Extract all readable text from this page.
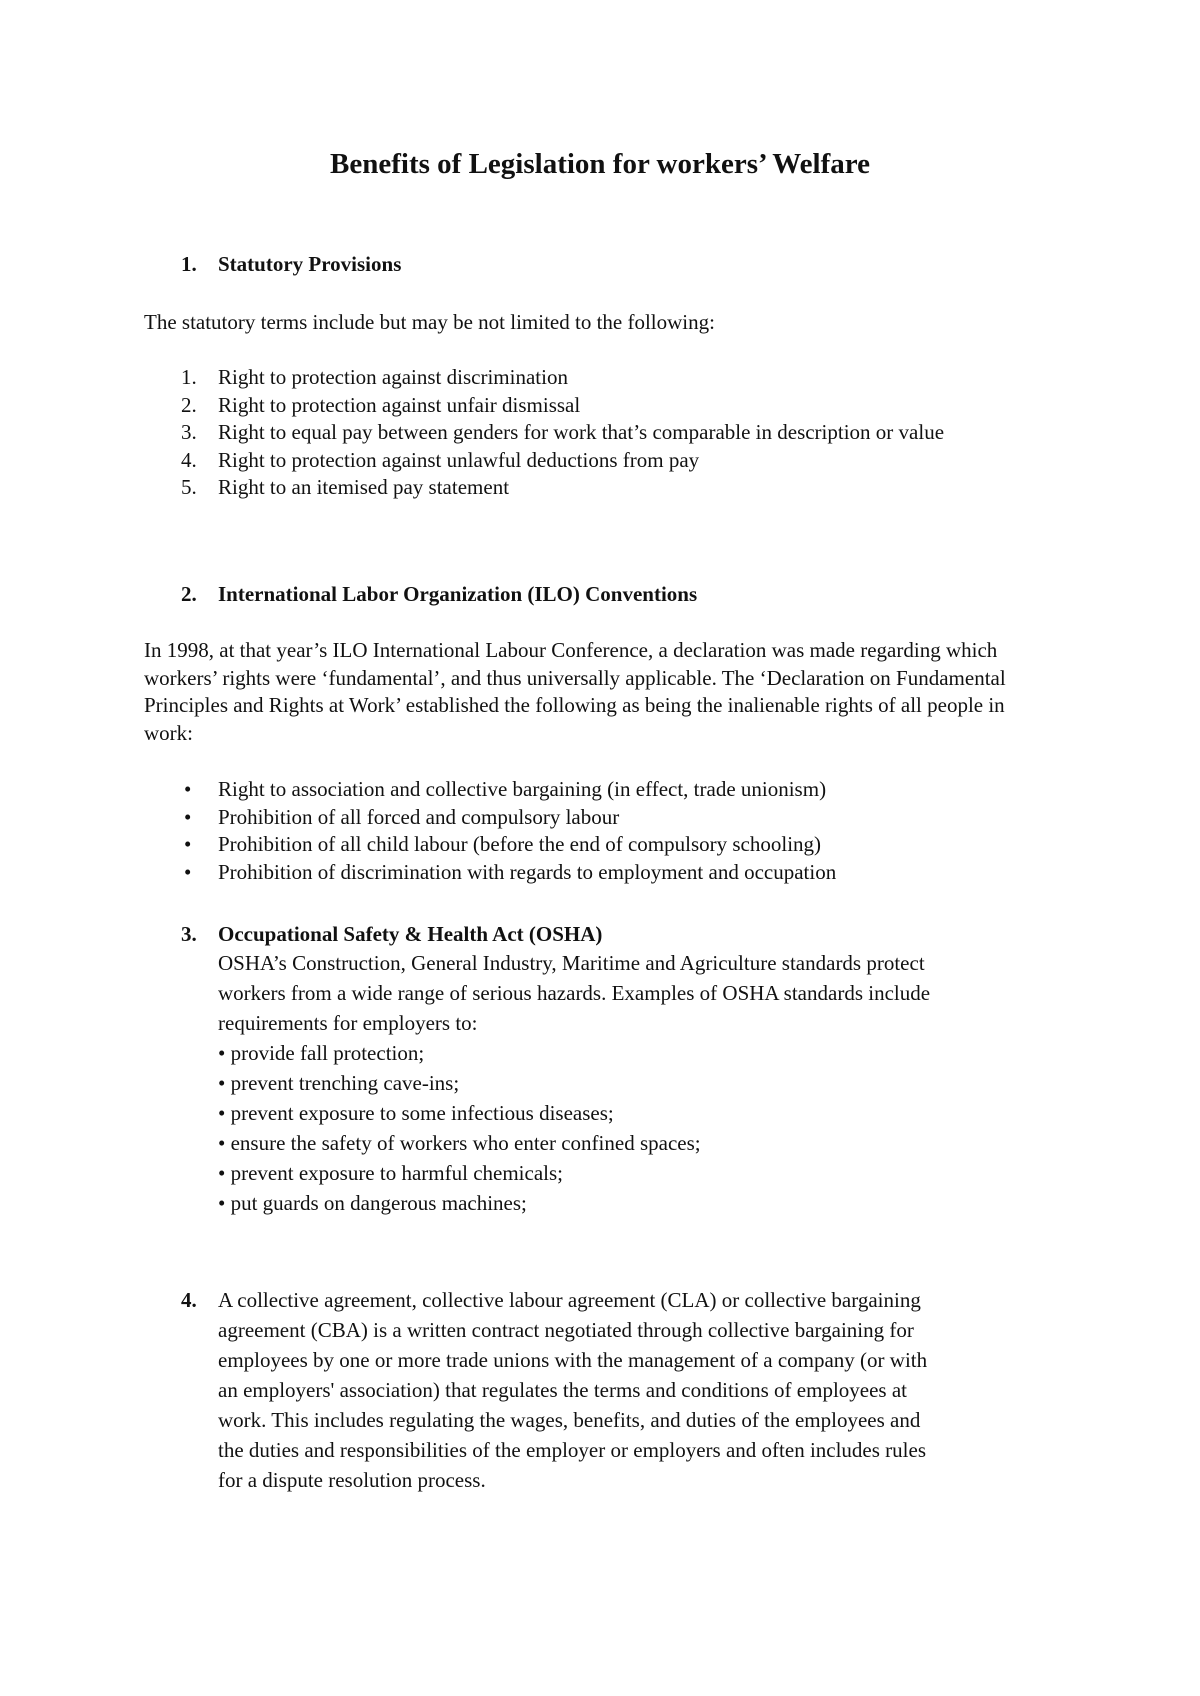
Benefits of Legislation for workers’ Welfare
1. Statutory Provisions

The statutory terms include but may be not limited to the following:

1. Right to protection against discrimination
2. Right to protection against unfair dismissal
3. Right to equal pay between genders for work that’s comparable in description or value
4. Right to protection against unlawful deductions from pay
5. Right to an itemised pay statement
2. International Labor Organization (ILO) Conventions

In 1998, at that year’s ILO International Labour Conference, a declaration was made regarding which workers’ rights were ‘fundamental’, and thus universally applicable. The ‘Declaration on Fundamental Principles and Rights at Work’ established the following as being the inalienable rights of all people in work:

• Right to association and collective bargaining (in effect, trade unionism)
• Prohibition of all forced and compulsory labour
• Prohibition of all child labour (before the end of compulsory schooling)
• Prohibition of discrimination with regards to employment and occupation
3. Occupational Safety & Health Act (OSHA)
OSHA’s Construction, General Industry, Maritime and Agriculture standards protect
workers from a wide range of serious hazards. Examples of OSHA standards include
requirements for employers to:
• provide fall protection;
• prevent trenching cave-ins;
• prevent exposure to some infectious diseases;
• ensure the safety of workers who enter confined spaces;
• prevent exposure to harmful chemicals;
• put guards on dangerous machines;
4. A collective agreement, collective labour agreement (CLA) or collective bargaining
agreement (CBA) is a written contract negotiated through collective bargaining for
employees by one or more trade unions with the management of a company (or with
an employers' association) that regulates the terms and conditions of employees at
work. This includes regulating the wages, benefits, and duties of the employees and
the duties and responsibilities of the employer or employers and often includes rules
for a dispute resolution process.
